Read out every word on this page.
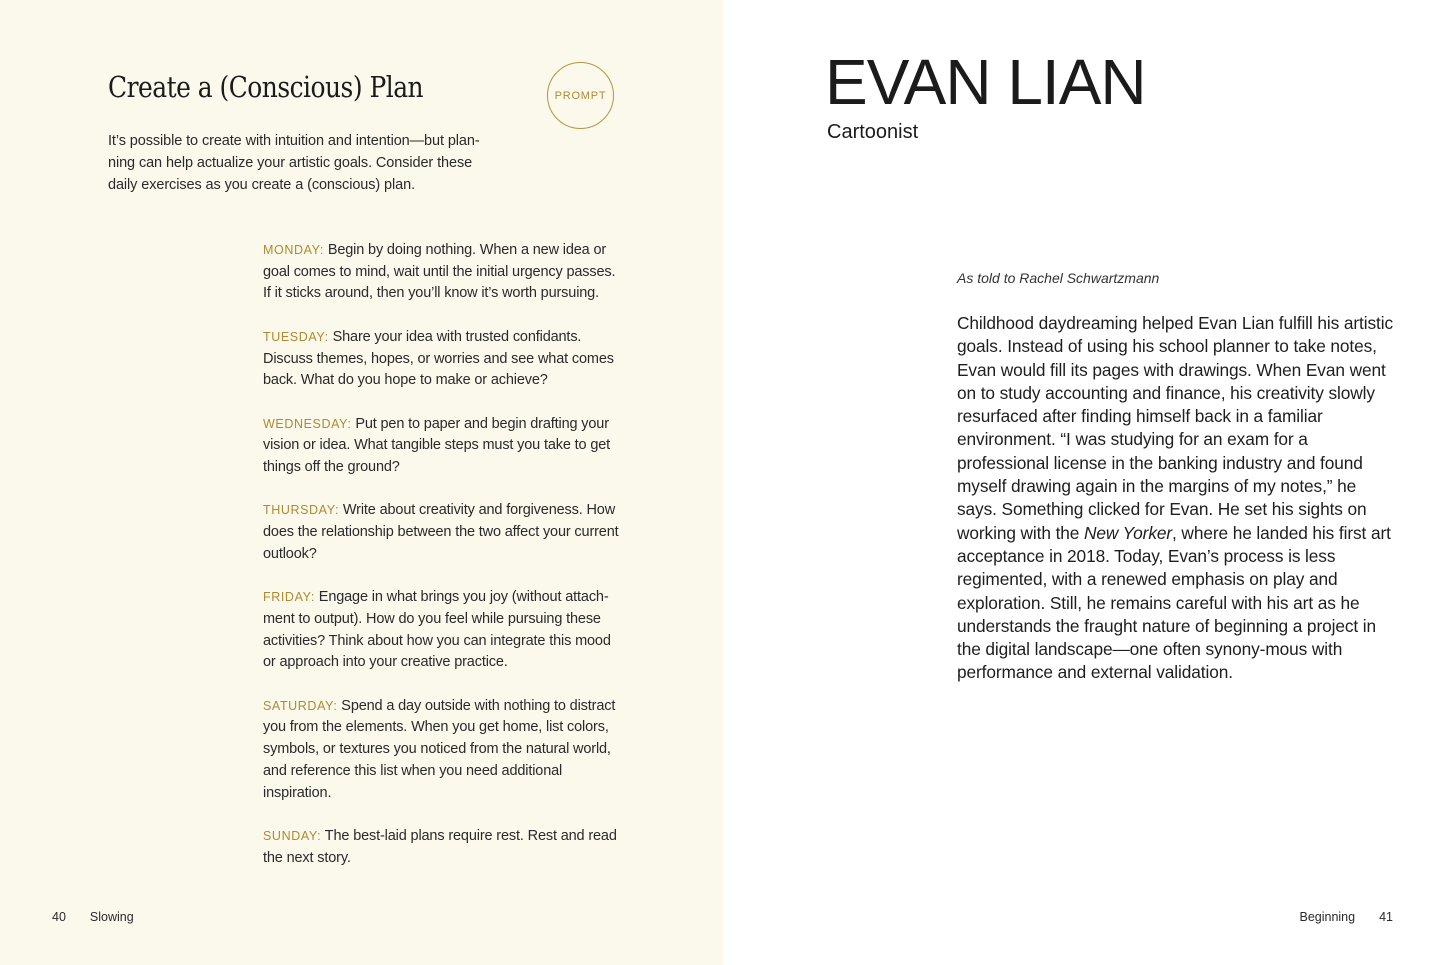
Create a (Conscious) Plan	PROMPT

It’s possible to create with intuition and intention—but plan-ning can help actualize your artistic goals. Consider these daily exercises as you create a (conscious) plan.

MONDAY: Begin by doing nothing. When a new idea or goal comes to mind, wait until the initial urgency passes. If it sticks around, then you’ll know it’s worth pursuing.

TUESDAY: Share your idea with trusted confidants. Discuss themes, hopes, or worries and see what comes back. What do you hope to make or achieve?

WEDNESDAY: Put pen to paper and begin drafting your vision or idea. What tangible steps must you take to get things off the ground?

THURSDAY: Write about creativity and forgiveness. How does the relationship between the two affect your current outlook?

FRIDAY: Engage in what brings you joy (without attach-ment to output). How do you feel while pursuing these activities? Think about how you can integrate this mood or approach into your creative practice.

SATURDAY: Spend a day outside with nothing to distract you from the elements. When you get home, list colors, symbols, or textures you noticed from the natural world, and reference this list when you need additional inspiration.

SUNDAY: The best-laid plans require rest. Rest and read the next story.

40 Slowing
EVAN LIAN

Cartoonist

As told to Rachel Schwartzmann

Childhood daydreaming helped Evan Lian fulfill his artistic goals. Instead of using his school planner to take notes, Evan would fill its pages with drawings. When Evan went on to study accounting and finance, his creativity slowly resurfaced after finding himself back in a familiar environment. “I was studying for an exam for a professional license in the banking industry and found myself drawing again in the margins of my notes,” he says. Something clicked for Evan. He set his sights on working with the New Yorker, where he landed his first art acceptance in 2018. Today, Evan’s process is less regimented, with a renewed emphasis on play and exploration. Still, he remains careful with his art as he understands the fraught nature of beginning a project in the digital landscape—one often synony-mous with performance and external validation.

Beginning 41
